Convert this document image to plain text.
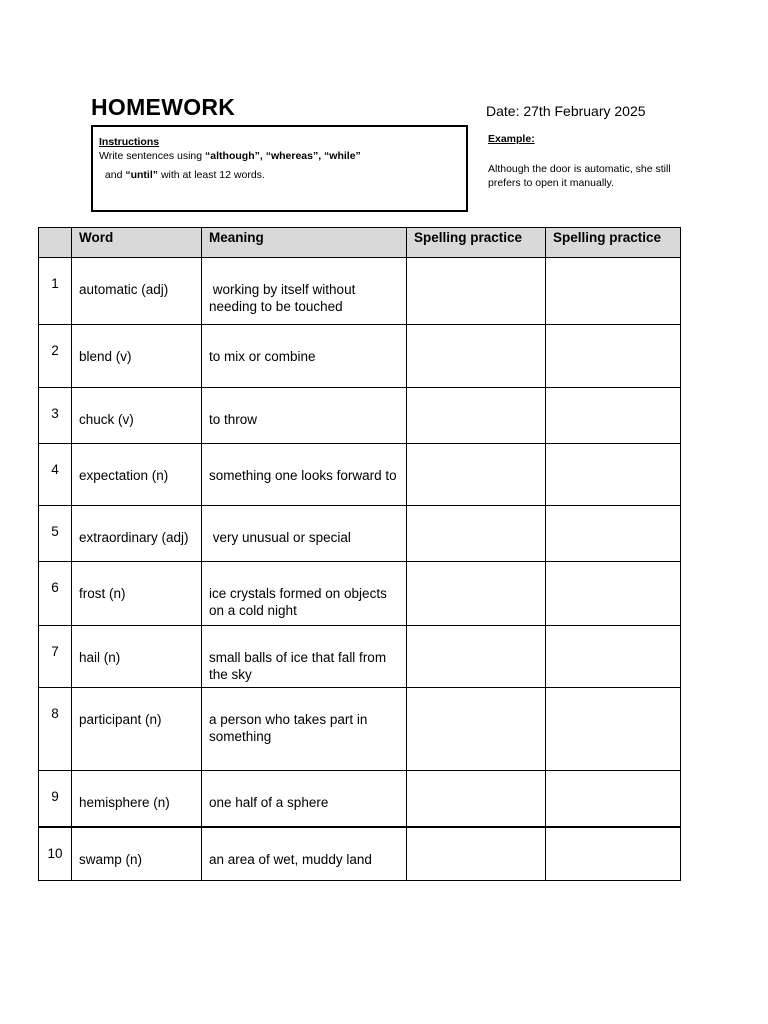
HOMEWORK	Date: 27th February 2025
Instructions
Write sentences using “although”, “whereas”, “while”
and “until” with at least 12 words.
Example:
Although the door is automatic, she still prefers to open it manually.
	Word	Meaning	Spelling practice	Spelling practice

1	automatic (adj)	working by itself without needing to be touched		

2	blend (v)	to mix or combine		

3	chuck (v)	to throw		

4	expectation (n)	something one looks forward to		

5	extraordinary (adj)	very unusual or special		

6	frost (n)	ice crystals formed on objects on a cold night		

7	hail (n)	small balls of ice that fall from the sky		

8	participant (n)	a person who takes part in something		

9	hemisphere (n)	one half of a sphere		

10	swamp (n)	an area of wet, muddy land		
